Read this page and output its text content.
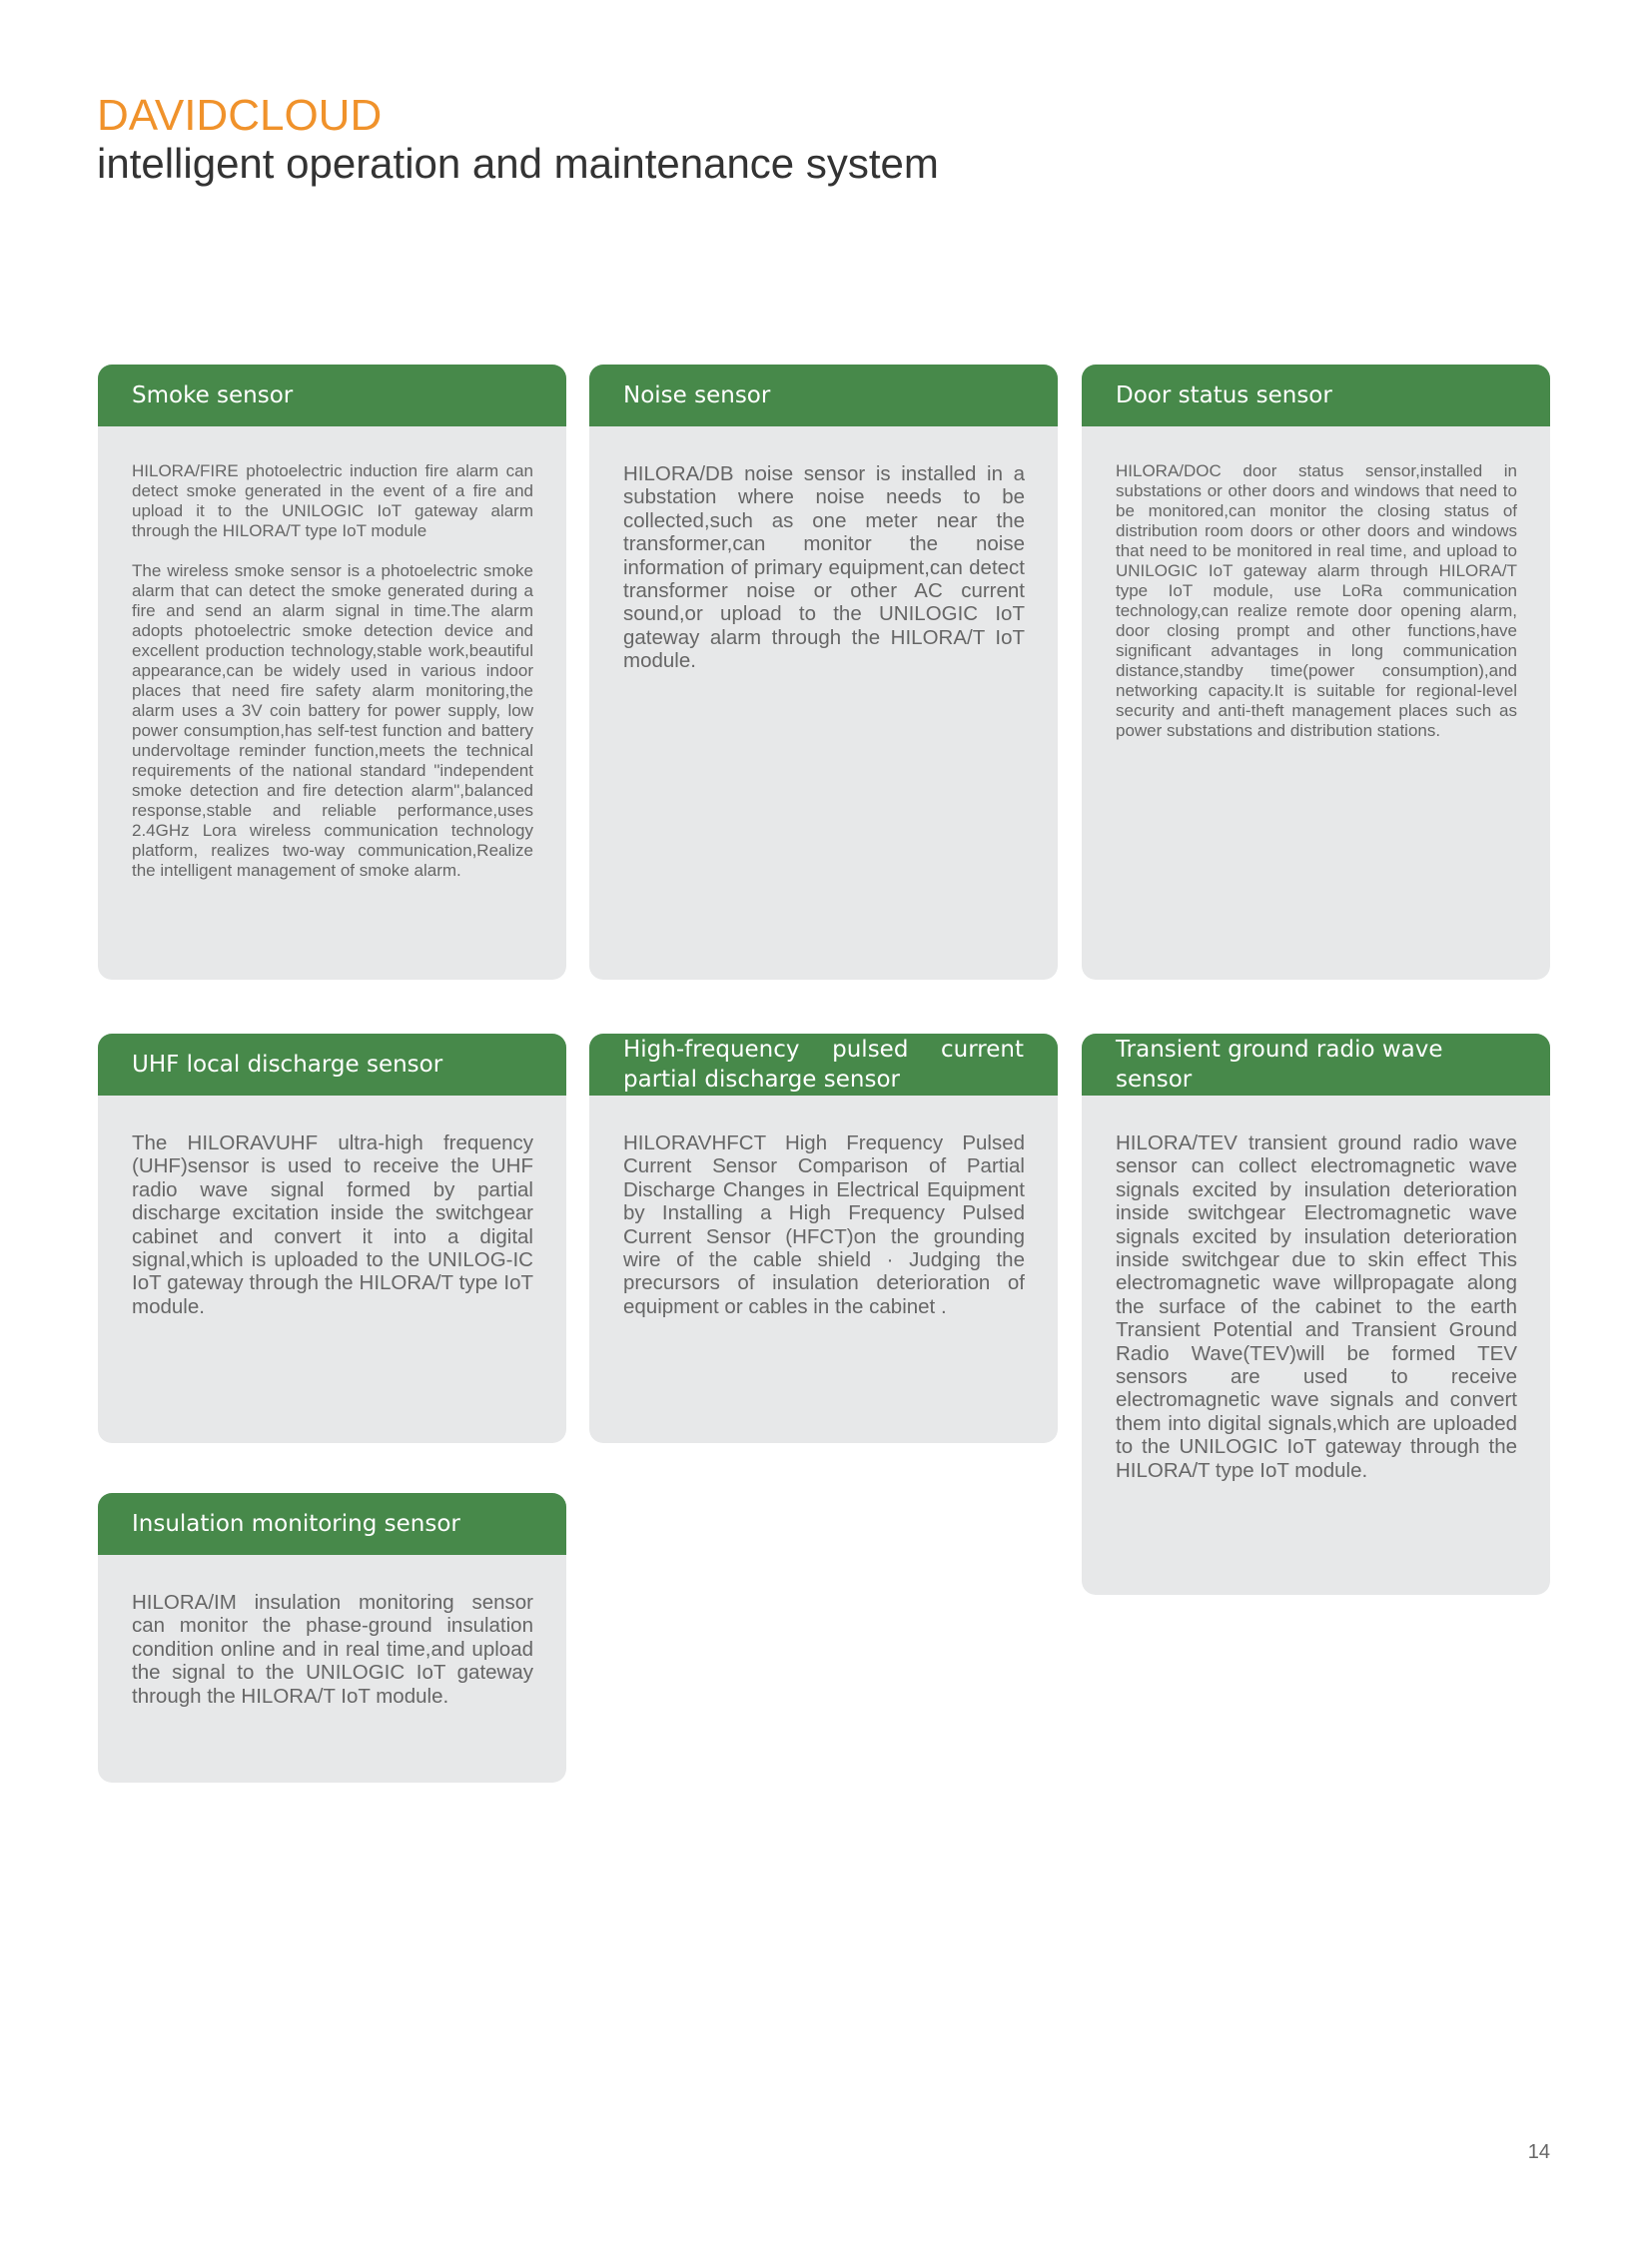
DAVIDCLOUD
intelligent operation and maintenance system
Smoke sensor

HILORA/FIRE photoelectric induction fire alarm can detect smoke generated in the event of a fire and upload it to the UNILOGIC IoT gateway alarm through the HILORA/T type IoT module

The wireless smoke sensor is a photoelectric smoke alarm that can detect the smoke generated during a fire and send an alarm signal in time.The alarm adopts photoelectric smoke detection device and excellent production technology,stable work,beautiful appearance,can be widely used in various indoor places that need fire safety alarm monitoring,the alarm uses a 3V coin battery for power supply, low power consumption,has self-test function and battery undervoltage reminder function,meets the technical requirements of the national standard "independent smoke detection and fire detection alarm",balanced response,stable and reliable performance,uses 2.4GHz Lora wireless communication technology platform, realizes two-way communication,Realize the intelligent management of smoke alarm.

Noise sensor

HILORA/DB noise sensor is installed in a substation where noise needs to be collected,such as one meter near the transformer,can monitor the noise information of primary equipment,can detect transformer noise or other AC current sound,or upload to the UNILOGIC IoT gateway alarm through the HILORA/T IoT module.

Door status sensor

HILORA/DOC door status sensor,installed in substations or other doors and windows that need to be monitored,can monitor the closing status of distribution room doors or other doors and windows that need to be monitored in real time, and upload to UNILOGIC IoT gateway alarm through HILORA/T type IoT module, use LoRa communication technology,can realize remote door opening alarm, door closing prompt and other functions,have significant advantages in long communication distance,standby time(power consumption),and networking capacity.It is suitable for regional-level security and anti-theft management places such as power substations and distribution stations.

UHF local discharge sensor

The HILORAVUHF ultra-high frequency (UHF)sensor is used to receive the UHF radio wave signal formed by partial discharge excitation inside the switchgear cabinet and convert it into a digital signal,which is uploaded to the UNILOG-IC IoT gateway through the HILORA/T type IoT module.

High-frequency pulsed current partial discharge sensor

HILORAVHFCT High Frequency Pulsed Current Sensor Comparison of Partial Discharge Changes in Electrical Equipment by Installing a High Frequency Pulsed Current Sensor (HFCT)on the grounding wire of the cable shield · Judging the precursors of insulation deterioration of equipment or cables in the cabinet .

Transient ground radio wave sensor

HILORA/TEV transient ground radio wave sensor can collect electromagnetic wave signals excited by insulation deterioration inside switchgear Electromagnetic wave signals excited by insulation deterioration inside switchgear due to skin effect This electromagnetic wave willpropagate along the surface of the cabinet to the earth Transient Potential and Transient Ground Radio Wave(TEV)will be formed TEV sensors are used to receive electromagnetic wave signals and convert them into digital signals,which are uploaded to the UNILOGIC IoT gateway through the HILORA/T type IoT module.

Insulation monitoring sensor

HILORA/IM insulation monitoring sensor can monitor the phase-ground insulation condition online and in real time,and upload the signal to the UNILOGIC IoT gateway through the HILORA/T IoT module.

14
